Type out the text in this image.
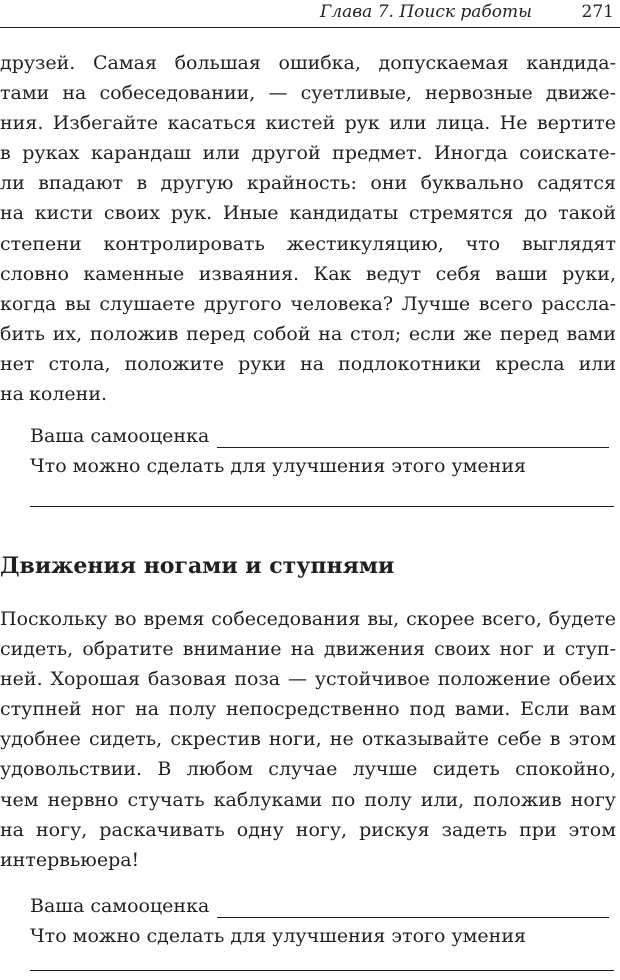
Глава 7. Поиск работы	271

друзей. Самая большая ошибка, допускаемая кандида-
тами на собеседовании, — суетливые, нервозные движе-
ния. Избегайте касаться кистей рук или лица. Не вертите
в руках карандаш или другой предмет. Иногда соискате-
ли впадают в другую крайность: они буквально садятся
на кисти своих рук. Иные кандидаты стремятся до такой
степени контролировать жестикуляцию, что выглядят
словно каменные изваяния. Как ведут себя ваши руки,
когда вы слушаете другого человека? Лучше всего рассла-
бить их, положив перед собой на стол; если же перед вами
нет стола, положите руки на подлокотники кресла или
на колени.

Ваша самооценка
Что можно сделать для улучшения этого умения
Движения ногами и ступнями

Поскольку во время собеседования вы, скорее всего, будете
сидеть, обратите внимание на движения своих ног и ступ-
ней. Хорошая базовая поза — устойчивое положение обеих
ступней ног на полу непосредственно под вами. Если вам
удобнее сидеть, скрестив ноги, не отказывайте себе в этом
удовольствии. В любом случае лучше сидеть спокойно,
чем нервно стучать каблуками по полу или, положив ногу
на ногу, раскачивать одну ногу, рискуя задеть при этом
интервьюера!

Ваша самооценка
Что можно сделать для улучшения этого умения
